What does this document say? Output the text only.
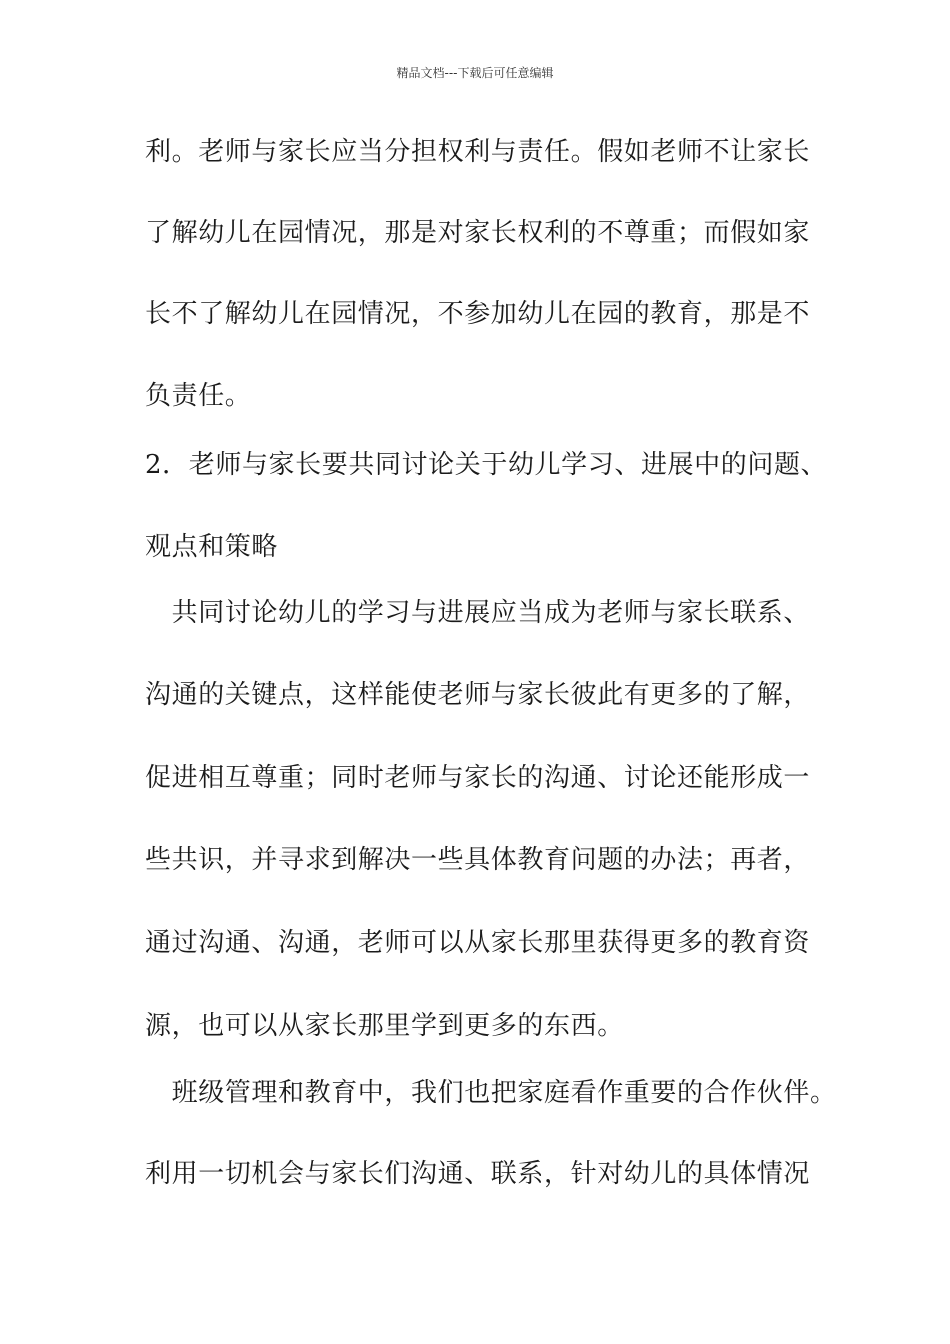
精品文档---下载后可任意编辑
利。老师与家长应当分担权利与责任。假如老师不让家长
了解幼儿在园情况，那是对家长权利的不尊重；而假如家
长不了解幼儿在园情况，不参加幼儿在园的教育，那是不
负责任。
2．老师与家长要共同讨论关于幼儿学习、进展中的问题、
观点和策略
　共同讨论幼儿的学习与进展应当成为老师与家长联系、
沟通的关键点，这样能使老师与家长彼此有更多的了解，
促进相互尊重；同时老师与家长的沟通、讨论还能形成一
些共识，并寻求到解决一些具体教育问题的办法；再者，
通过沟通、沟通，老师可以从家长那里获得更多的教育资
源，也可以从家长那里学到更多的东西。
　班级管理和教育中，我们也把家庭看作重要的合作伙伴。
利用一切机会与家长们沟通、联系，针对幼儿的具体情况
